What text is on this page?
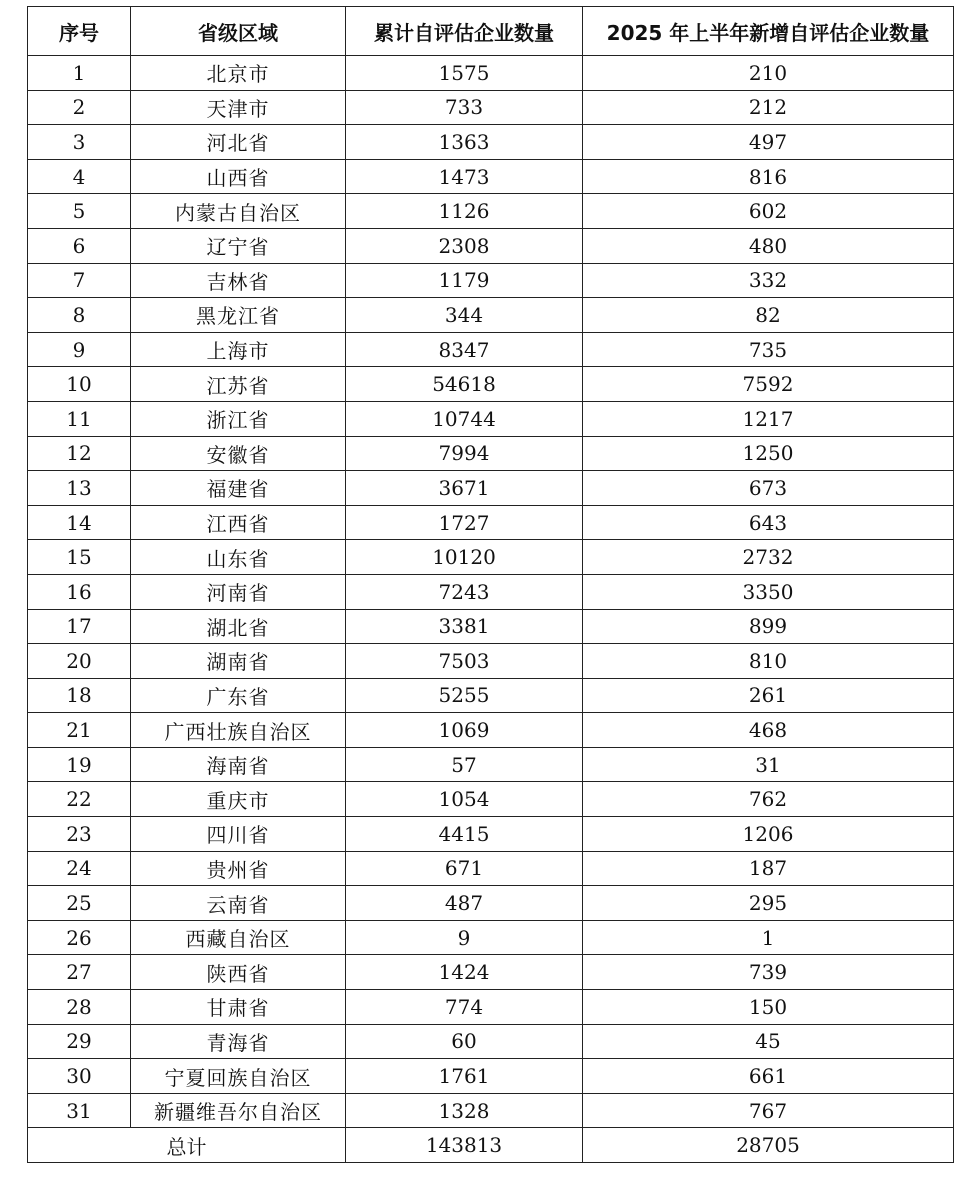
序号	省级区域	累计自评估企业数量	2025 年上半年新增自评估企业数量
1	北京市	1575	210
2	天津市	733	212
3	河北省	1363	497
4	山西省	1473	816
5	内蒙古自治区	1126	602
6	辽宁省	2308	480
7	吉林省	1179	332
8	黑龙江省	344	82
9	上海市	8347	735
10	江苏省	54618	7592
11	浙江省	10744	1217
12	安徽省	7994	1250
13	福建省	3671	673
14	江西省	1727	643
15	山东省	10120	2732
16	河南省	7243	3350
17	湖北省	3381	899
20	湖南省	7503	810
18	广东省	5255	261
21	广西壮族自治区	1069	468
19	海南省	57	31
22	重庆市	1054	762
23	四川省	4415	1206
24	贵州省	671	187
25	云南省	487	295
26	西藏自治区	9	1
27	陕西省	1424	739
28	甘肃省	774	150
29	青海省	60	45
30	宁夏回族自治区	1761	661
31	新疆维吾尔自治区	1328	767
总计		143813	28705
